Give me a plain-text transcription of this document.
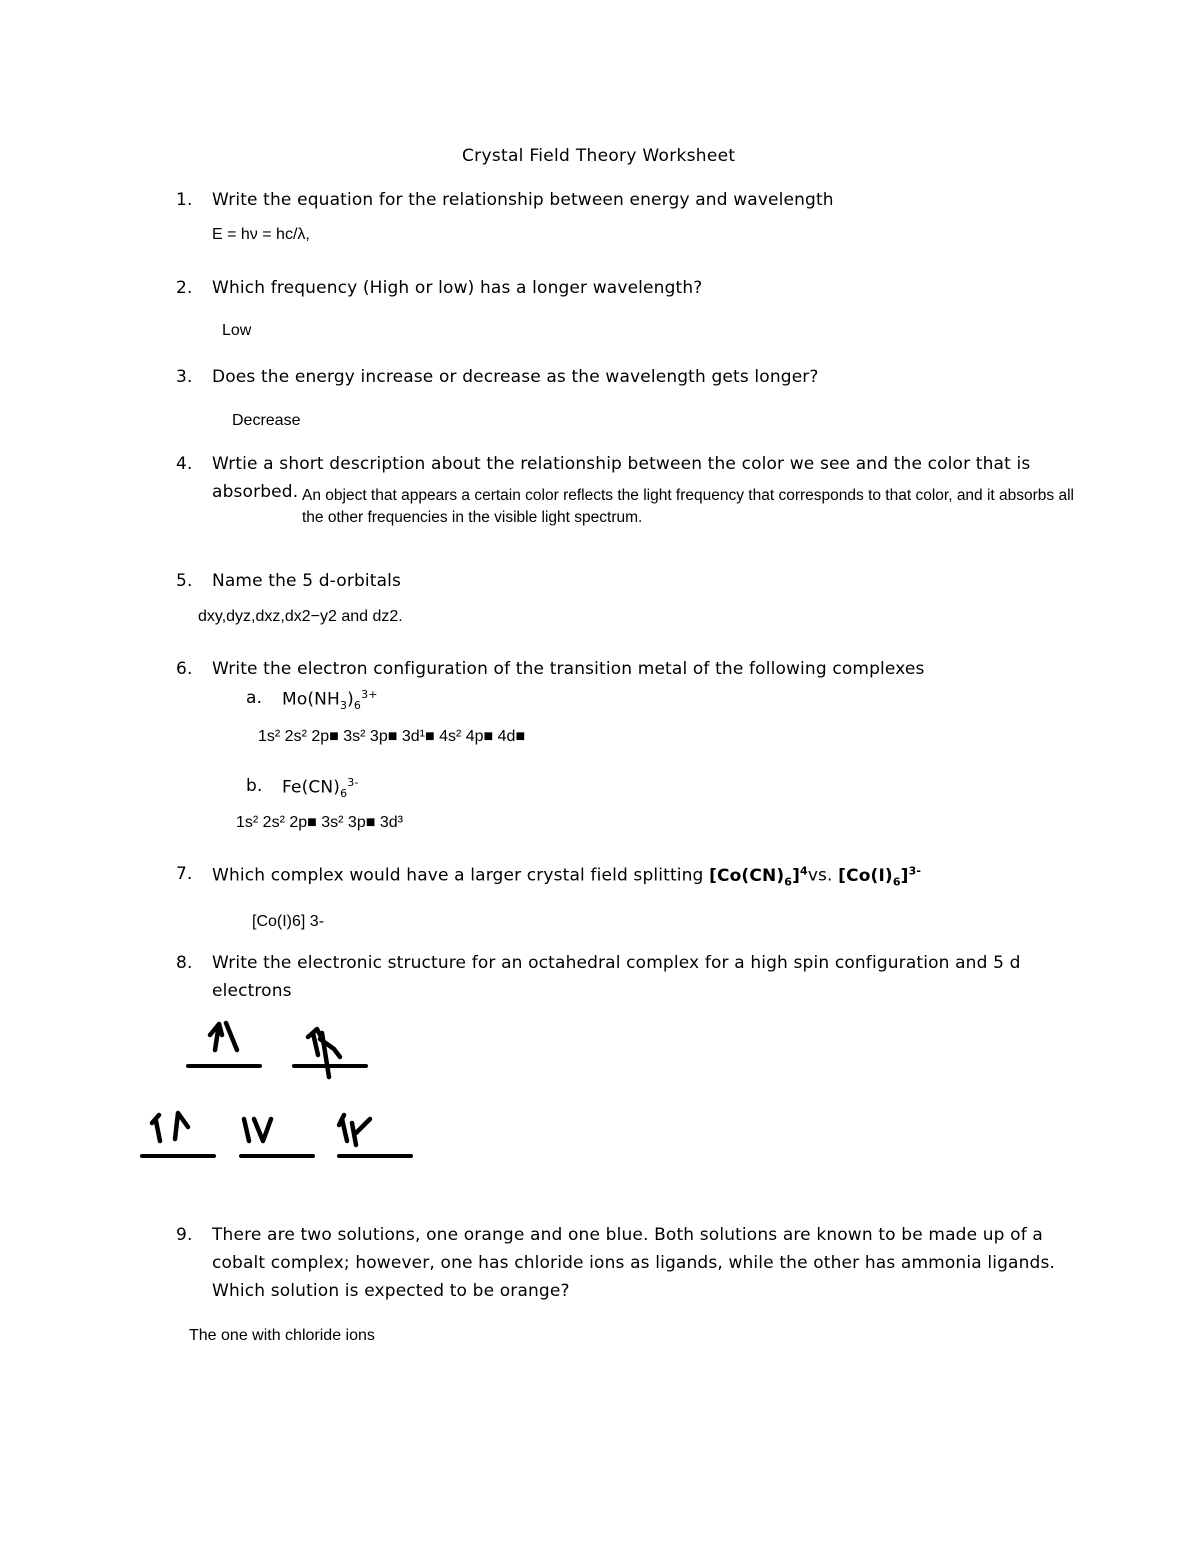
Crystal Field Theory Worksheet
1. Write the equation for the relationship between energy and wavelength
E = hν = hc/λ,
2. Which frequency (High or low) has a longer wavelength?
Low
3. Does the energy increase or decrease as the wavelength gets longer?
Decrease
4. Wrtie a short description about the relationship between the color we see and the color that is
absorbed. An object that appears a certain color reflects the light frequency that corresponds to that color, and it absorbs all
the other frequencies in the visible light spectrum.
5. Name the 5 d-orbitals
dxy,dyz,dxz,dx2−y2 and dz2.
6. Write the electron configuration of the transition metal of the following complexes
a. $Mo(NH_3)_6^{3+}$
1s² 2s² 2p■ 3s² 3p■ 3d¹■ 4s² 4p■ 4d■
b. $Fe(CN)_6^{3-}$
1s² 2s² 2p■ 3s² 3p■ 3d³
7. Which complex would have a larger crystal field splitting $[Co(CN)_6]^4vs$. $[Co(I)_6]^{3-}$
[Co(I)6] 3-
8. Write the electronic structure for an octahedral complex for a high spin configuration and 5 d
electrons
9. There are two solutions, one orange and one blue. Both solutions are known to be made up of a
cobalt complex; however, one has chloride ions as ligands, while the other has ammonia ligands.
Which solution is expected to be orange?
The one with chloride ions
